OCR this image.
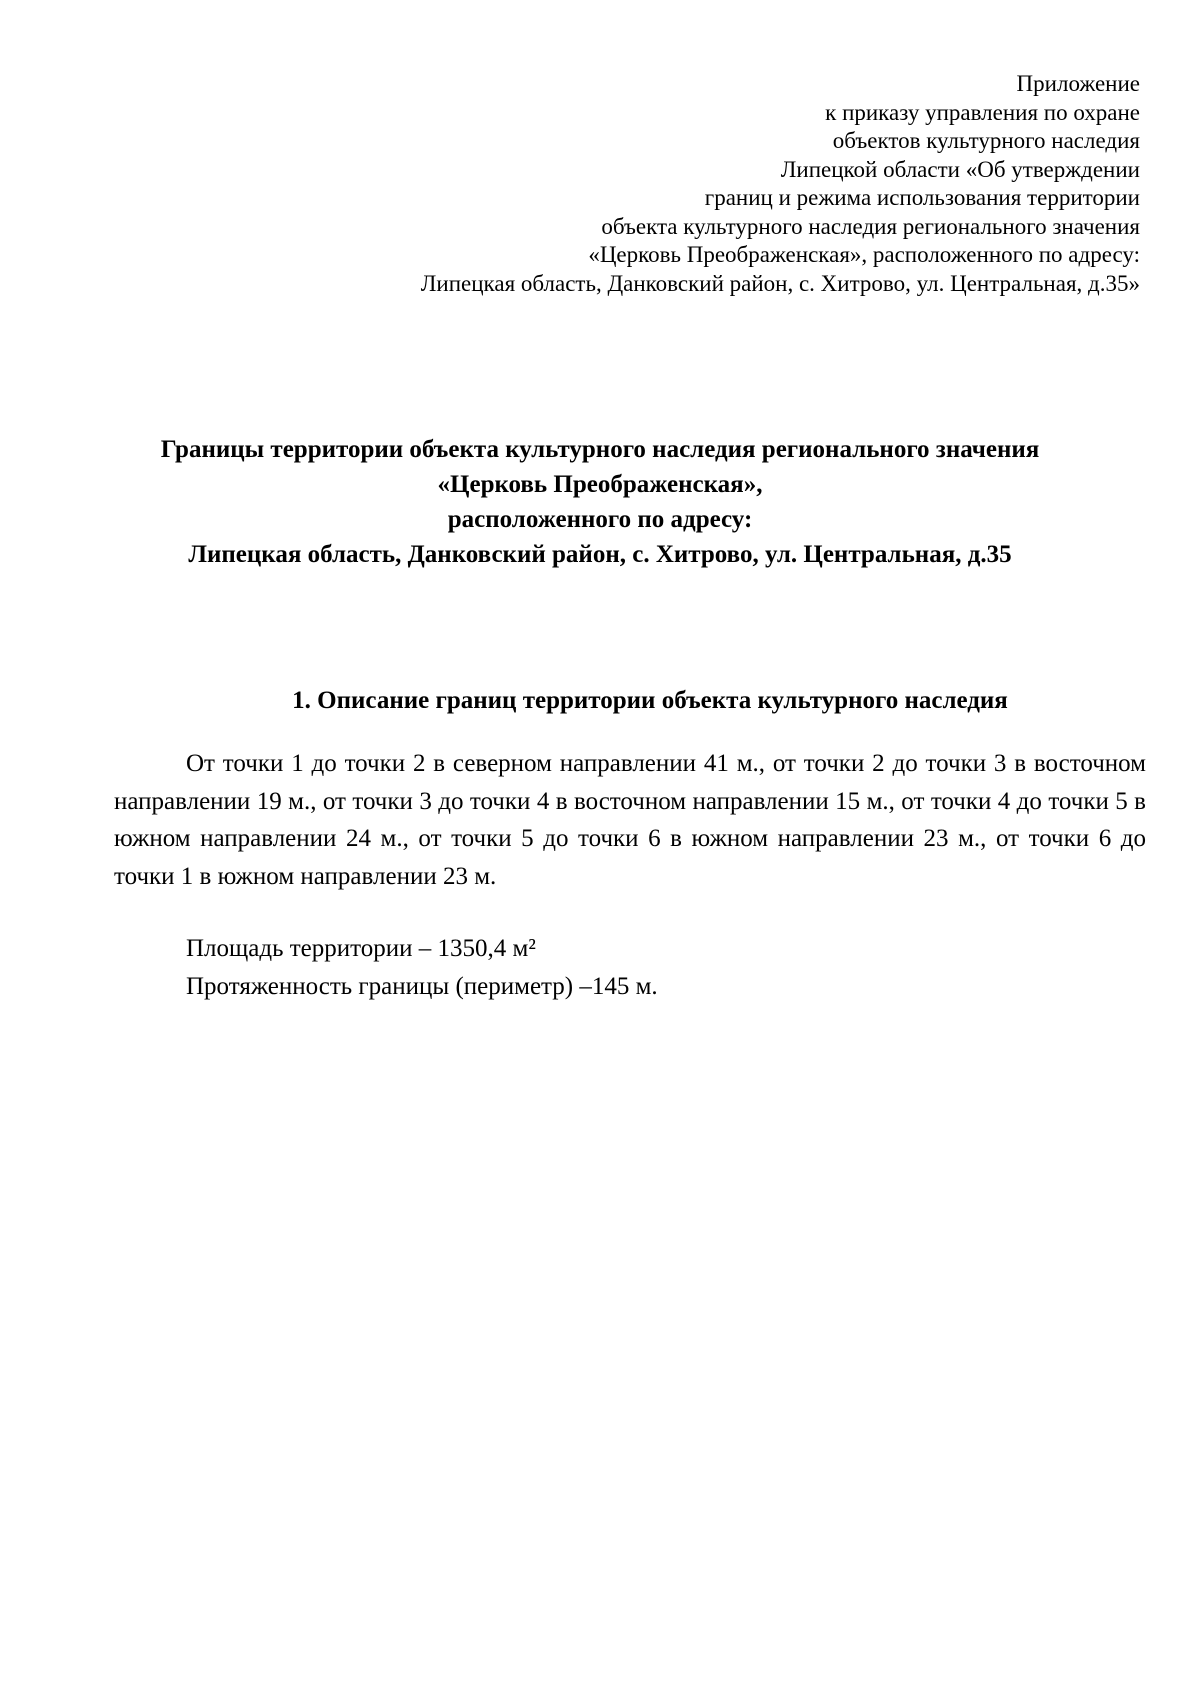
Приложение
к приказу управления по охране
объектов культурного наследия
Липецкой области «Об утверждении
границ и режима использования территории
объекта культурного наследия регионального значения
«Церковь Преображенская», расположенного по адресу:
Липецкая область, Данковский район, с. Хитрово, ул. Центральная, д.35»
Границы территории объекта культурного наследия регионального значения
«Церковь Преображенская»,
расположенного по адресу:
Липецкая область, Данковский район, с. Хитрово, ул. Центральная, д.35
1. Описание границ территории объекта культурного наследия
От точки 1 до точки 2 в северном направлении 41 м., от точки 2 до точки 3 в восточном направлении 19 м., от точки 3 до точки 4 в восточном направлении 15 м., от точки 4 до точки 5 в южном направлении 24 м., от точки 5 до точки 6 в южном направлении 23 м., от точки 6 до точки 1 в южном направлении 23 м.
Площадь территории – 1350,4 м²
Протяженность границы (периметр) –145 м.
